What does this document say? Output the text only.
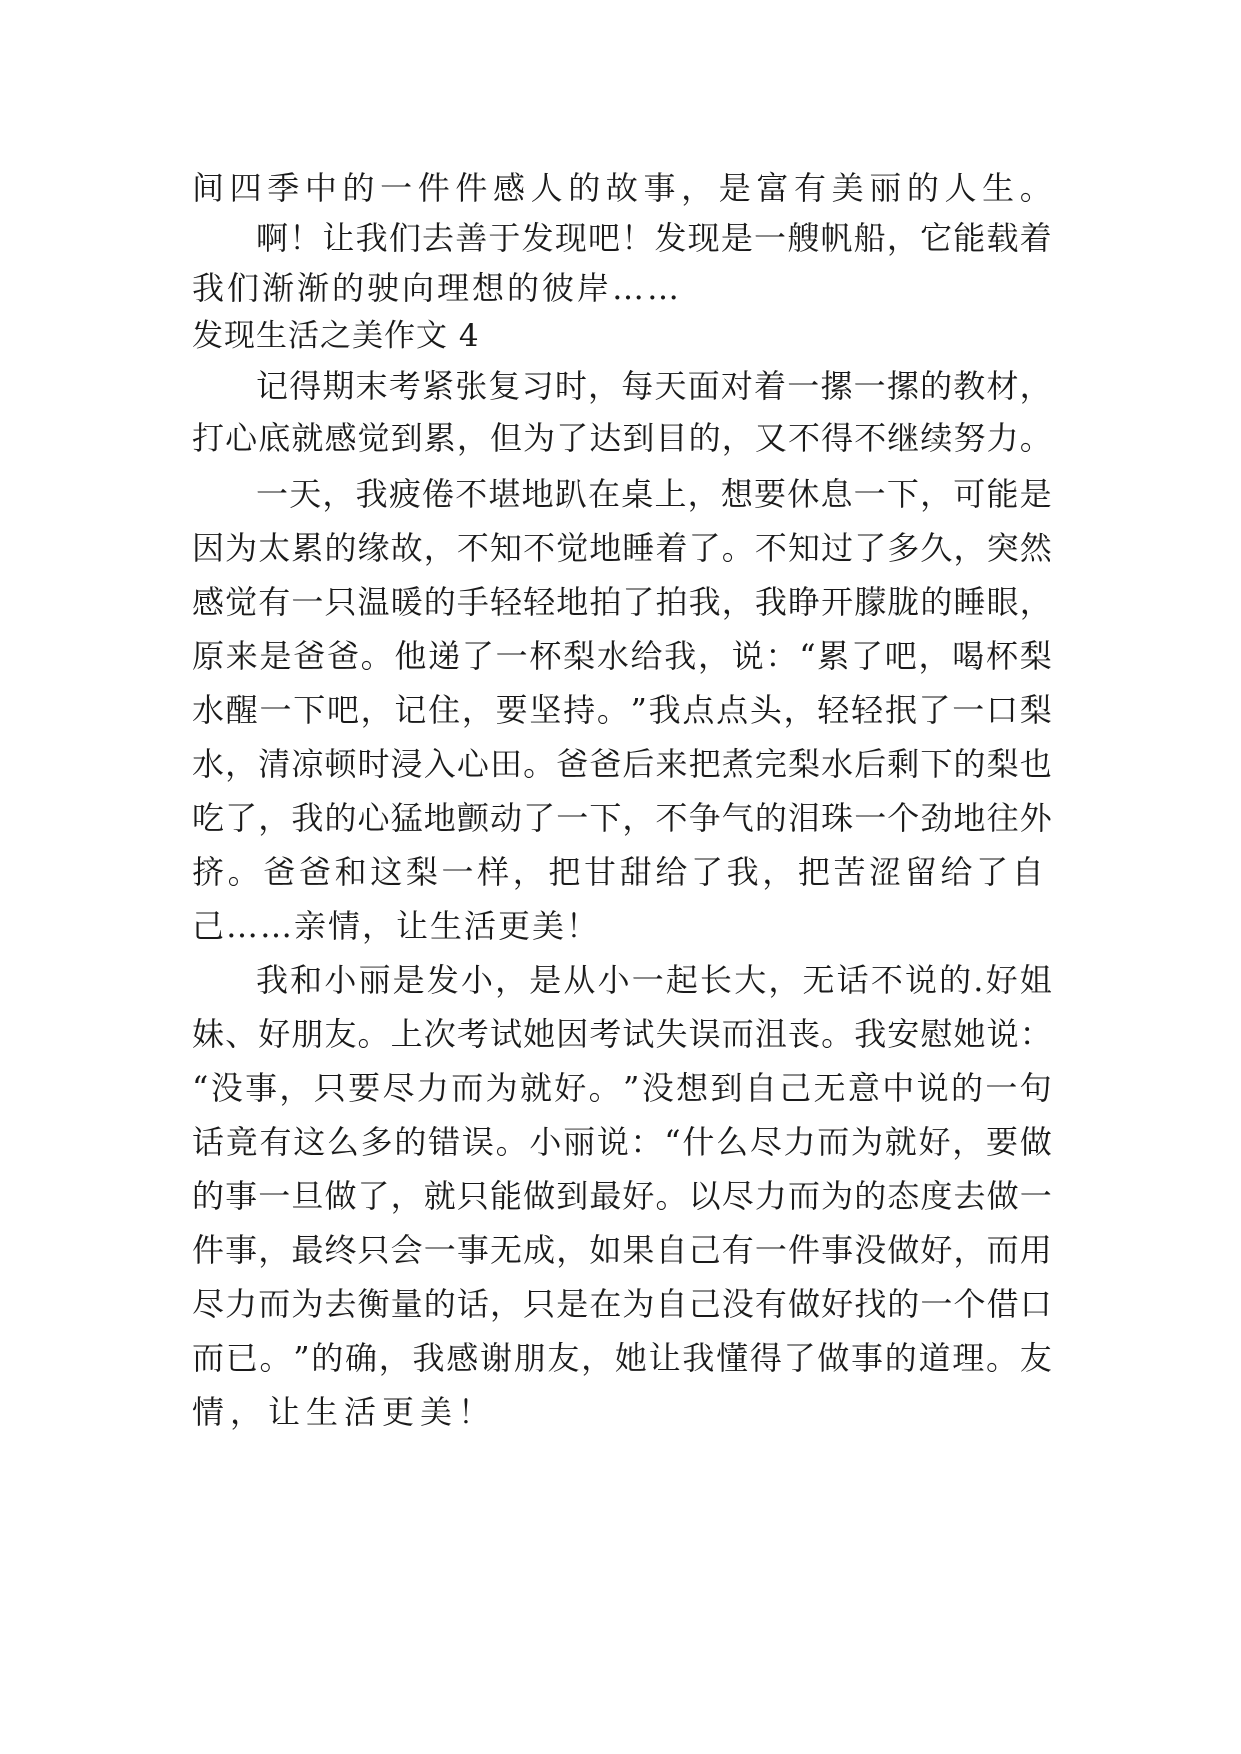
间 四 季 中 的 一 件 件 感 人 的 故 事 ， 是 富 有 美 丽 的 人 生 。
啊 ！ 让 我 们 去 善 于 发 现 吧 ！ 发 现 是 一 艘 帆 船 ， 它 能 载 着
我们渐渐的驶向理想的彼岸……
发现生活之美作文 4
记 得 期 末 考 紧 张 复 习 时 ， 每 天 面 对 着 一 摞 一 摞 的 教 材 ，
打 心 底 就 感 觉 到 累 ， 但 为 了 达 到 目 的 ， 又 不 得 不 继 续 努 力 。
一 天 ， 我 疲 倦 不 堪 地 趴 在 桌 上 ， 想 要 休 息 一 下 ， 可 能 是
因 为 太 累 的 缘 故 ， 不 知 不 觉 地 睡 着 了 。 不 知 过 了 多 久 ， 突 然
感 觉 有 一 只 温 暖 的 手 轻 轻 地 拍 了 拍 我 ， 我 睁 开 朦 胧 的 睡 眼 ，
原 来 是 爸 爸 。 他 递 了 一 杯 梨 水 给 我 ， 说 ： “ 累 了 吧 ， 喝 杯 梨
水 醒 一 下 吧 ， 记 住 ， 要 坚 持 。 ” 我 点 点 头 ， 轻 轻 抿 了 一 口 梨
水 ， 清 凉 顿 时 浸 入 心 田 。 爸 爸 后 来 把 煮 完 梨 水 后 剩 下 的 梨 也
吃 了 ， 我 的 心 猛 地 颤 动 了 一 下 ， 不 争 气 的 泪 珠 一 个 劲 地 往 外
挤 。 爸 爸 和 这 梨 一 样 ， 把 甘 甜 给 了 我 ， 把 苦 涩 留 给 了 自
己……亲情，让生活更美！
我 和 小 丽 是 发 小 ， 是 从 小 一 起 长 大 ， 无 话 不 说 的 . 好 姐
妹 、 好 朋 友 。 上 次 考 试 她 因 考 试 失 误 而 沮 丧 。 我 安 慰 她 说 ：
“ 没 事 ， 只 要 尽 力 而 为 就 好 。 ” 没 想 到 自 己 无 意 中 说 的 一 句
话 竟 有 这 么 多 的 错 误 。 小 丽 说 ： “ 什 么 尽 力 而 为 就 好 ， 要 做
的 事 一 旦 做 了 ， 就 只 能 做 到 最 好 。 以 尽 力 而 为 的 态 度 去 做 一
件 事 ， 最 终 只 会 一 事 无 成 ， 如 果 自 己 有 一 件 事 没 做 好 ， 而 用
尽 力 而 为 去 衡 量 的 话 ， 只 是 在 为 自 己 没 有 做 好 找 的 一 个 借 口
而 已 。 ” 的 确 ， 我 感 谢 朋 友 ， 她 让 我 懂 得 了 做 事 的 道 理 。 友
情，让生活更美！
